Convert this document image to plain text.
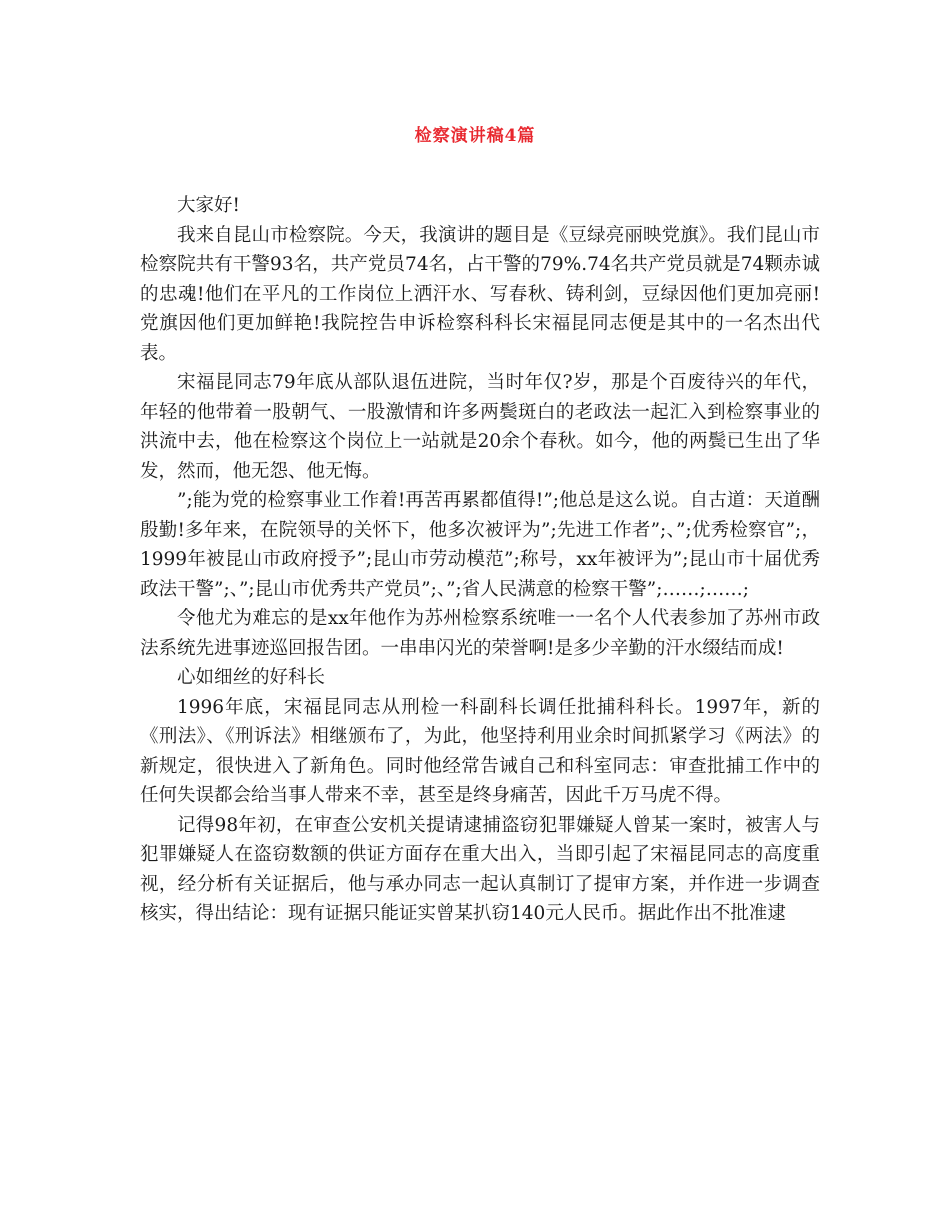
检察演讲稿4篇

大家好!

我来自昆山市检察院。今天，我演讲的题目是《豆绿亮丽映党旗》。我们昆山市 检察院共有干警93名，共产党员74名，占干警的79%.74名共产党员就是74颗赤诚的忠魂!他们在平凡的工作岗位上洒汗水、写春秋、铸利剑，豆绿因他们更加亮丽!党旗因他们更加鲜艳!我院控告申诉检察科科长宋福昆同志便是其中的一名杰出代表。

宋福昆同志79年底从部队退伍进院，当时年仅?岁，那是个百废待兴的年代，年轻的他带着一股朝气、一股激情和许多两鬓斑白的老政法一起汇入到检察事业的洪流中去，他在检察这个岗位上一站就是20余个春秋。如今，他的两鬓已生出了华发，然而，他无怨、他无悔。

”;能为党的检察事业工作着!再苦再累都值得!”;他总是这么说。自古道：天道酬殷勤!多年来，在院领导的关怀下，他多次被评为”;先进工作者”;、”;优秀检察官”;，1999年被昆山市政府授予”;昆山市劳动模范”;称号，xx年被评为”;昆山市十届优秀政法干警”;、”;昆山市优秀共产党员”;、”;省人民满意的检察干警”;……;……;

令他尤为难忘的是xx年他作为苏州检察系统唯一一名个人代表参加了苏州市政法系统先进事迹巡回报告团。一串串闪光的荣誉啊!是多少辛勤的汗水缀结而成!

心如细丝的好科长

1996年底，宋福昆同志从刑检一科副科长调任批捕科科长。1997年，新的《刑法》、《刑诉法》相继颁布了，为此，他坚持利用业余时间抓紧学习《两法》的新规定，很快进入了新角色。同时他经常告诫自己和科室同志：审查批捕工作中的任何失误都会给当事人带来不幸，甚至是终身痛苦，因此千万马虎不得。

记得98年初，在审查公安机关提请逮捕盗窃犯罪嫌疑人曾某一案时，被害人与犯罪嫌疑人在盗窃数额的供证方面存在重大出入，当即引起了宋福昆同志的高度重视，经分析有关证据后，他与承办同志一起认真制订了提审方案，并作进一步调查核实，得出结论：现有证据只能证实曾某扒窃140元人民币。据此作出不批准逮
